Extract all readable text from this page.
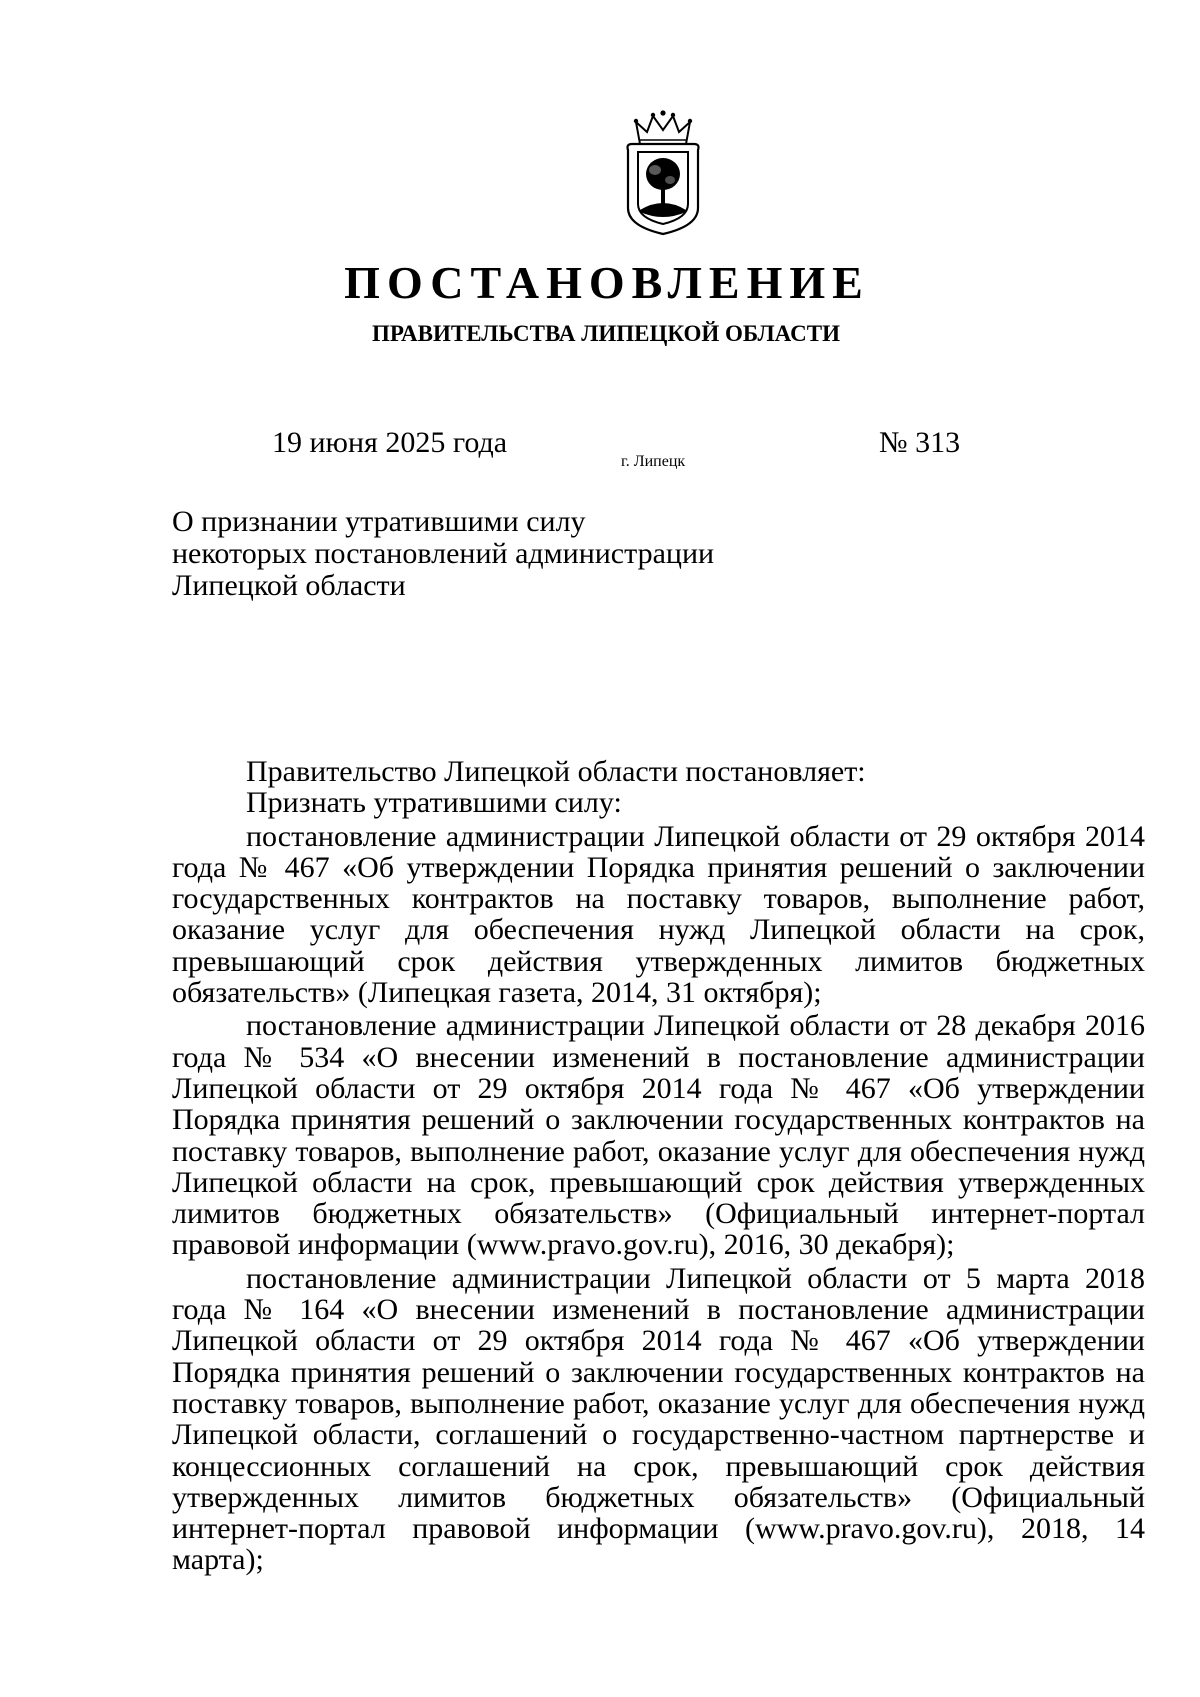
ПОСТАНОВЛЕНИЕ
ПРАВИТЕЛЬСТВА ЛИПЕЦКОЙ ОБЛАСТИ
19 июня 2025 года
г. Липецк
№ 313
О признании утратившими силу
некоторых постановлений администрации
Липецкой области

Правительство Липецкой области постановляет:

Признать утратившими силу:

постановление администрации Липецкой области от 29 октября 2014 года № 467 «Об утверждении Порядка принятия решений о заключении государственных контрактов на поставку товаров, выполнение работ, оказание услуг для обеспечения нужд Липецкой области на срок, превышающий срок действия утвержденных лимитов бюджетных обязательств» (Липецкая газета, 2014, 31 октября);

постановление администрации Липецкой области от 28 декабря 2016 года № 534 «О внесении изменений в постановление администрации Липецкой области от 29 октября 2014 года № 467 «Об утверждении Порядка принятия решений о заключении государственных контрактов на поставку товаров, выполнение работ, оказание услуг для обеспечения нужд Липецкой области на срок, превышающий срок действия утвержденных лимитов бюджетных обязательств» (Официальный интернет-портал правовой информации (www.pravo.gov.ru), 2016, 30 декабря);

постановление администрации Липецкой области от 5 марта 2018 года № 164 «О внесении изменений в постановление администрации Липецкой области от 29 октября 2014 года № 467 «Об утверждении Порядка принятия решений о заключении государственных контрактов на поставку товаров, выполнение работ, оказание услуг для обеспечения нужд Липецкой области, соглашений о государственно-частном партнерстве и концессионных соглашений на срок, превышающий срок действия утвержденных лимитов бюджетных обязательств» (Официальный интернет-портал правовой информации (www.pravo.gov.ru), 2018, 14 марта);
